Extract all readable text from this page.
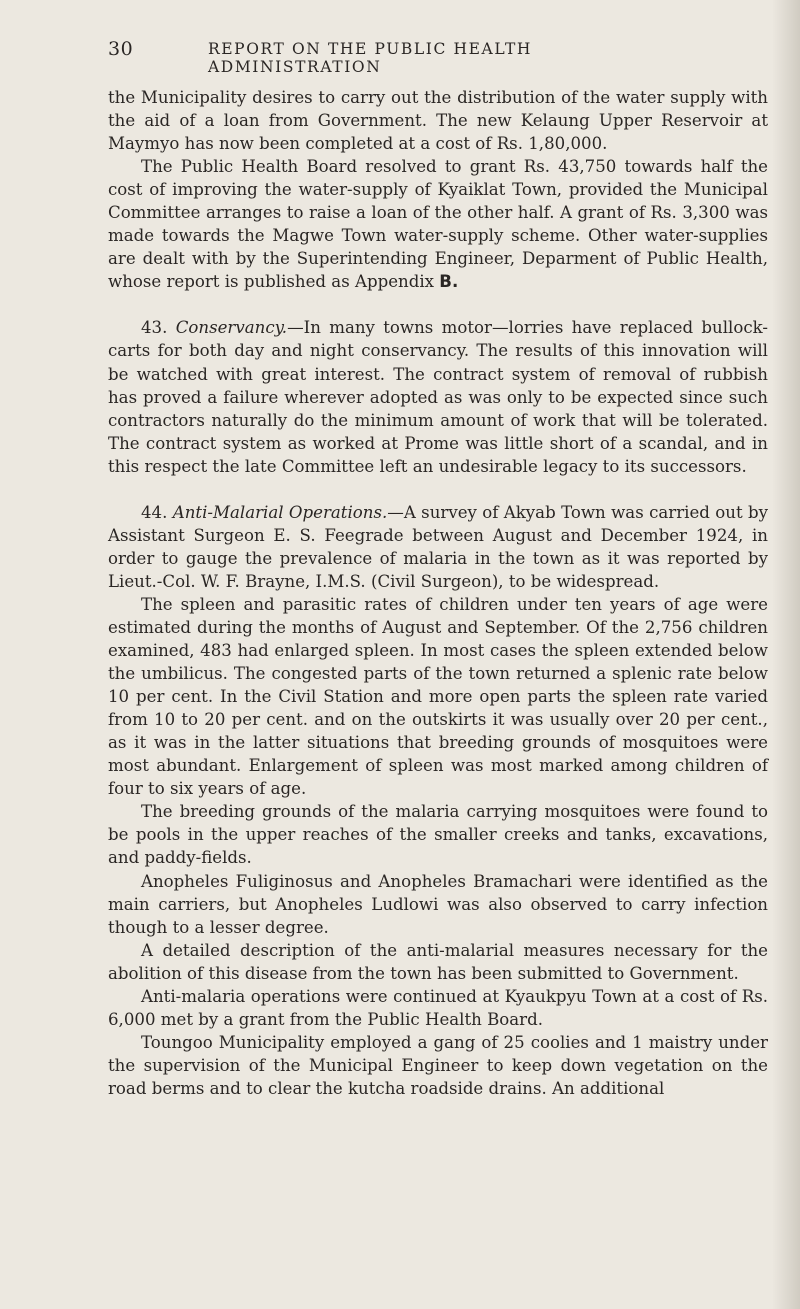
30	REPORT ON THE PUBLIC HEALTH ADMINISTRATION

the Municipality desires to carry out the distribution of the water supply with the aid of a loan from Government. The new Kelaung Upper Reservoir at Maymyo has now been completed at a cost of Rs. 1,80,000.

The Public Health Board resolved to grant Rs. 43,750 towards half the cost of improving the water-supply of Kyaiklat Town, provided the Municipal Committee arranges to raise a loan of the other half. A grant of Rs. 3,300 was made towards the Magwe Town water-supply scheme. Other water-supplies are dealt with by the Superintending Engineer, Deparment of Public Health, whose report is published as Appendix B.

43. Conservancy.—In many towns motor—lorries have replaced bullock-carts for both day and night conservancy. The results of this innovation will be watched with great interest. The contract system of removal of rubbish has proved a failure wherever adopted as was only to be expected since such contractors naturally do the minimum amount of work that will be tolerated. The contract system as worked at Prome was little short of a scandal, and in this respect the late Committee left an undesirable legacy to its successors.

44. Anti-Malarial Operations.—A survey of Akyab Town was carried out by Assistant Surgeon E. S. Feegrade between August and December 1924, in order to gauge the prevalence of malaria in the town as it was reported by Lieut.-Col. W. F. Brayne, I.M.S. (Civil Surgeon), to be widespread.

The spleen and parasitic rates of children under ten years of age were estimated during the months of August and September. Of the 2,756 children examined, 483 had enlarged spleen. In most cases the spleen extended below the umbilicus. The congested parts of the town returned a splenic rate below 10 per cent. In the Civil Station and more open parts the spleen rate varied from 10 to 20 per cent. and on the outskirts it was usually over 20 per cent., as it was in the latter situations that breeding grounds of mosquitoes were most abundant. Enlargement of spleen was most marked among children of four to six years of age.

The breeding grounds of the malaria carrying mosquitoes were found to be pools in the upper reaches of the smaller creeks and tanks, excavations, and paddy-fields.

Anopheles Fuliginosus and Anopheles Bramachari were identified as the main carriers, but Anopheles Ludlowi was also observed to carry infection though to a lesser degree.

A detailed description of the anti-malarial measures necessary for the abolition of this disease from the town has been submitted to Government.

Anti-malaria operations were continued at Kyaukpyu Town at a cost of Rs. 6,000 met by a grant from the Public Health Board.

Toungoo Municipality employed a gang of 25 coolies and 1 maistry under the supervision of the Municipal Engineer to keep down vegetation on the road berms and to clear the kutcha roadside drains. An additional
